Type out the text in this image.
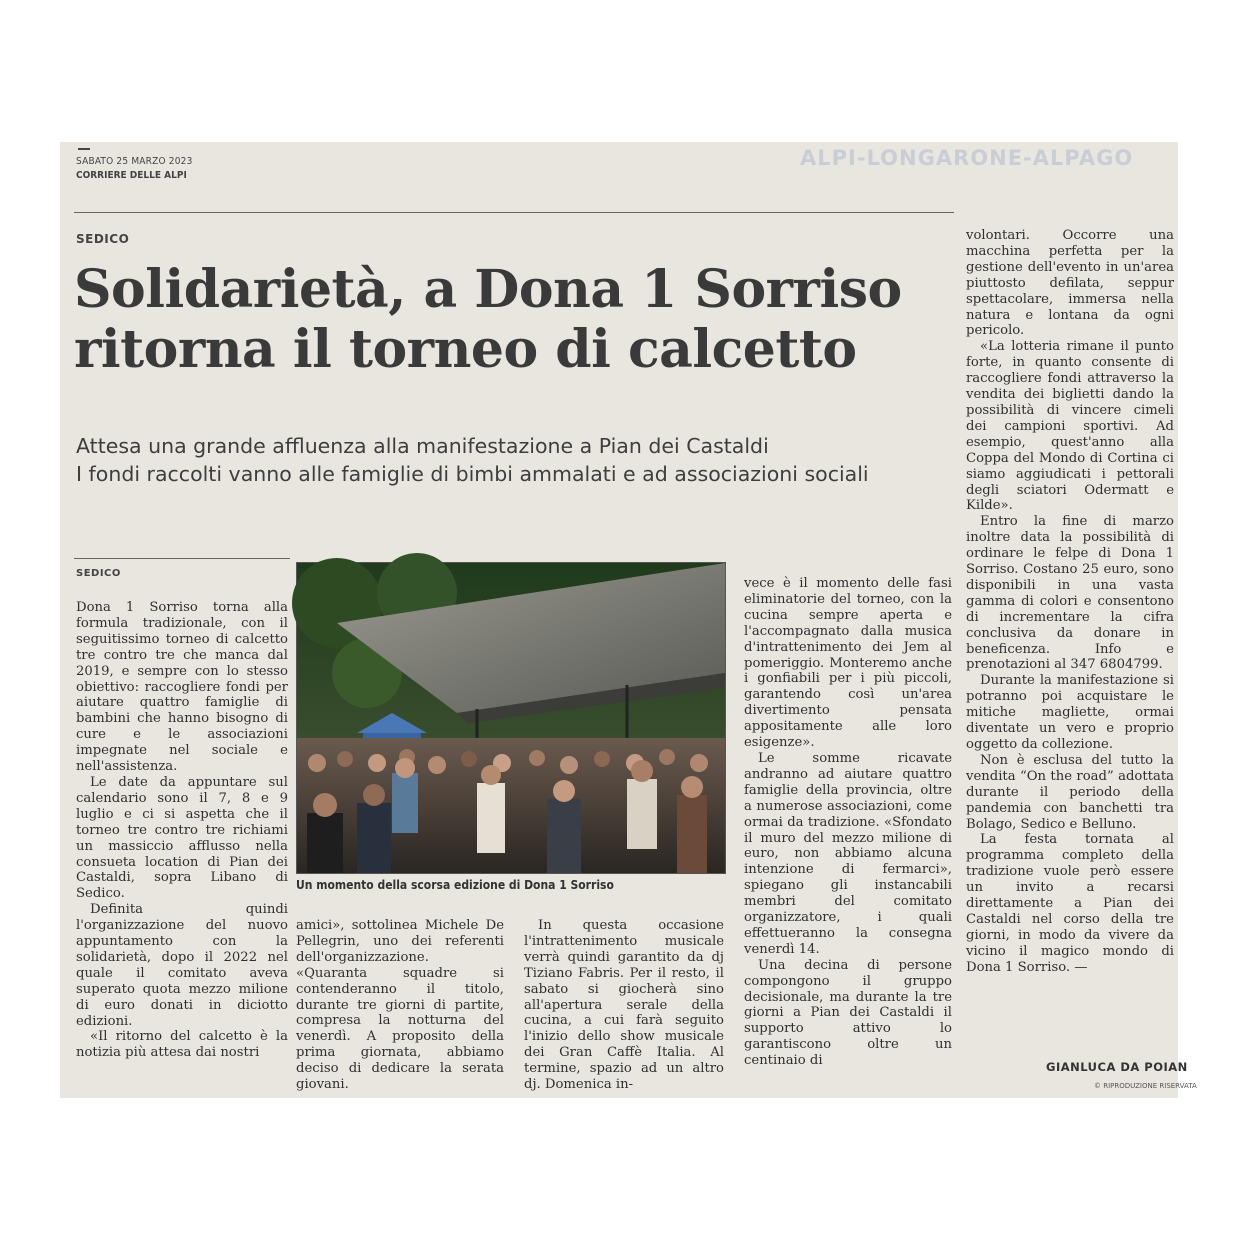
SABATO 25 MARZO 2023
CORRIERE DELLE ALPI
ALPI-LONGARONE-ALPAGO
SEDICO
Solidarietà, a Dona 1 Sorriso
ritorna il torneo di calcetto
Attesa una grande affluenza alla manifestazione a Pian dei Castaldi
I fondi raccolti vanno alle famiglie di bimbi ammalati e ad associazioni sociali
SEDICO

Dona 1 Sorriso torna alla formula tradizionale, con il seguitissimo torneo di calcetto tre contro tre che manca dal 2019, e sempre con lo stesso obiettivo: raccogliere fondi per aiutare quattro famiglie di bambini che hanno bisogno di cure e le associazioni impegnate nel sociale e nell'assistenza.

Le date da appuntare sul calendario sono il 7, 8 e 9 luglio e ci si aspetta che il torneo tre contro tre richiami un massiccio afflusso nella consueta location di Pian dei Castaldi, sopra Libano di Sedico.

Definita quindi l'organizzazione del nuovo appuntamento con la solidarietà, dopo il 2022 nel quale il comitato aveva superato quota mezzo milione di euro donati in diciotto edizioni.

«Il ritorno del calcetto è la notizia più attesa dai nostri

Un momento della scorsa edizione di Dona 1 Sorriso

amici», sottolinea Michele De Pellegrin, uno dei referenti dell'organizzazione. «Quaranta squadre si contenderanno il titolo, durante tre giorni di partite, compresa la notturna del venerdì. A proposito della prima giornata, abbiamo deciso di dedicare la serata giovani.

In questa occasione l'intrattenimento musicale verrà quindi garantito da dj Tiziano Fabris. Per il resto, il sabato si giocherà sino all'apertura serale della cucina, a cui farà seguito l'inizio dello show musicale dei Gran Caffè Italia. Al termine, spazio ad un altro dj. Domenica in-

vece è il momento delle fasi eliminatorie del torneo, con la cucina sempre aperta e l'accompagnato dalla musica d'intrattenimento dei Jem al pomeriggio. Monteremo anche i gonfiabili per i più piccoli, garantendo così un'area divertimento pensata appositamente alle loro esigenze».

Le somme ricavate andranno ad aiutare quattro famiglie della provincia, oltre a numerose associazioni, come ormai da tradizione. «Sfondato il muro del mezzo milione di euro, non abbiamo alcuna intenzione di fermarci», spiegano gli instancabili membri del comitato organizzatore, i quali effettueranno la consegna venerdì 14.

Una decina di persone compongono il gruppo decisionale, ma durante la tre giorni a Pian dei Castaldi il supporto attivo lo garantiscono oltre un centinaio di

volontari. Occorre una macchina perfetta per la gestione dell'evento in un'area piuttosto defilata, seppur spettacolare, immersa nella natura e lontana da ogni pericolo.

«La lotteria rimane il punto forte, in quanto consente di raccogliere fondi attraverso la vendita dei biglietti dando la possibilità di vincere cimeli dei campioni sportivi. Ad esempio, quest'anno alla Coppa del Mondo di Cortina ci siamo aggiudicati i pettorali degli sciatori Odermatt e Kilde».

Entro la fine di marzo inoltre data la possibilità di ordinare le felpe di Dona 1 Sorriso. Costano 25 euro, sono disponibili in una vasta gamma di colori e consentono di incrementare la cifra conclusiva da donare in beneficenza. Info e prenotazioni al 347 6804799.

Durante la manifestazione si potranno poi acquistare le mitiche magliette, ormai diventate un vero e proprio oggetto da collezione.

Non è esclusa del tutto la vendita “On the road” adottata durante il periodo della pandemia con banchetti tra Bolago, Sedico e Belluno.

La festa tornata al programma completo della tradizione vuole però essere un invito a recarsi direttamente a Pian dei Castaldi nel corso della tre giorni, in modo da vivere da vicino il magico mondo di Dona 1 Sorriso. —

GIANLUCA DA POIAN
© RIPRODUZIONE RISERVATA
